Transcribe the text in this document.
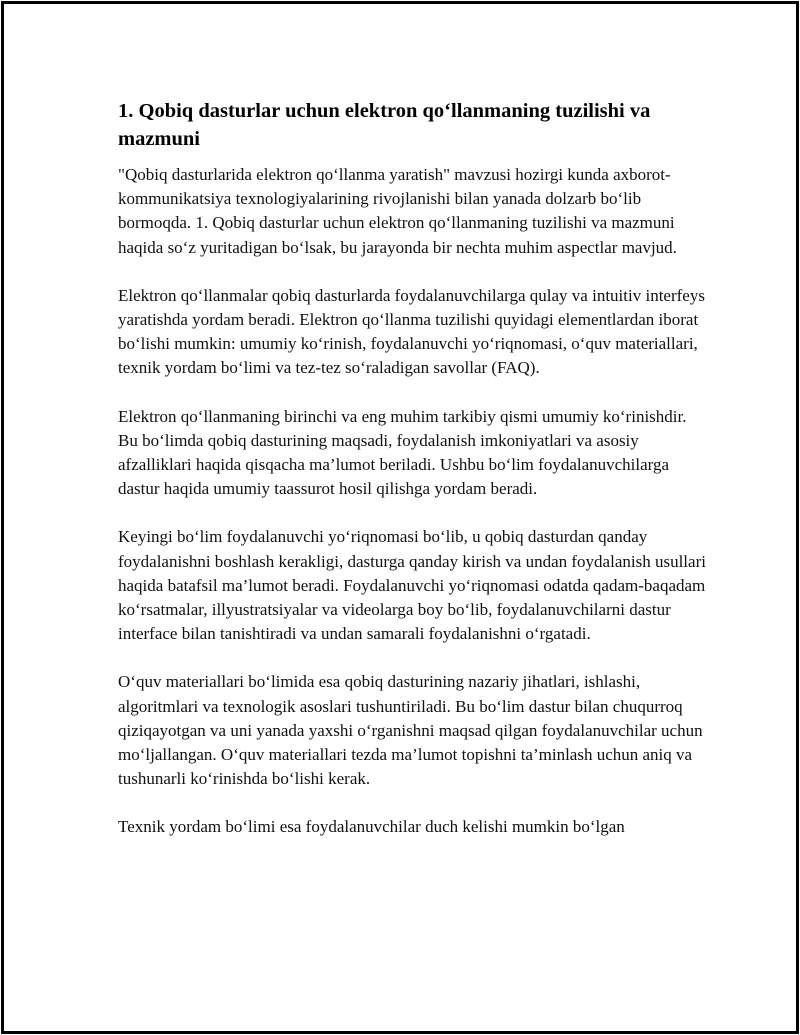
1. Qobiq dasturlar uchun elektron qo‘llanmaning tuzilishi va mazmuni

"Qobiq dasturlarida elektron qo‘llanma yaratish" mavzusi hozirgi kunda axborot-kommunikatsiya texnologiyalarining rivojlanishi bilan yanada dolzarb bo‘lib bormoqda. 1. Qobiq dasturlar uchun elektron qo‘llanmaning tuzilishi va mazmuni haqida so‘z yuritadigan bo‘lsak, bu jarayonda bir nechta muhim aspectlar mavjud.

Elektron qo‘llanmalar qobiq dasturlarda foydalanuvchilarga qulay va intuitiv interfeys yaratishda yordam beradi. Elektron qo‘llanma tuzilishi quyidagi elementlardan iborat bo‘lishi mumkin: umumiy ko‘rinish, foydalanuvchi yo‘riqnomasi, o‘quv materiallari, texnik yordam bo‘limi va tez-tez so‘raladigan savollar (FAQ).

Elektron qo‘llanmaning birinchi va eng muhim tarkibiy qismi umumiy ko‘rinishdir. Bu bo‘limda qobiq dasturining maqsadi, foydalanish imkoniyatlari va asosiy afzalliklari haqida qisqacha ma’lumot beriladi. Ushbu bo‘lim foydalanuvchilarga dastur haqida umumiy taassurot hosil qilishga yordam beradi.

Keyingi bo‘lim foydalanuvchi yo‘riqnomasi bo‘lib, u qobiq dasturdan qanday foydalanishni boshlash kerakligi, dasturga qanday kirish va undan foydalanish usullari haqida batafsil ma’lumot beradi. Foydalanuvchi yo‘riqnomasi odatda qadam-baqadam ko‘rsatmalar, illyustratsiyalar va videolarga boy bo‘lib, foydalanuvchilarni dastur interface bilan tanishtiradi va undan samarali foydalanishni o‘rgatadi.

O‘quv materiallari bo‘limida esa qobiq dasturining nazariy jihatlari, ishlashi, algoritmlari va texnologik asoslari tushuntiriladi. Bu bo‘lim dastur bilan chuqurroq qiziqayotgan va uni yanada yaxshi o‘rganishni maqsad qilgan foydalanuvchilar uchun mo‘ljallangan. O‘quv materiallari tezda ma’lumot topishni ta’minlash uchun aniq va tushunarli ko‘rinishda bo‘lishi kerak.

Texnik yordam bo‘limi esa foydalanuvchilar duch kelishi mumkin bo‘lgan
